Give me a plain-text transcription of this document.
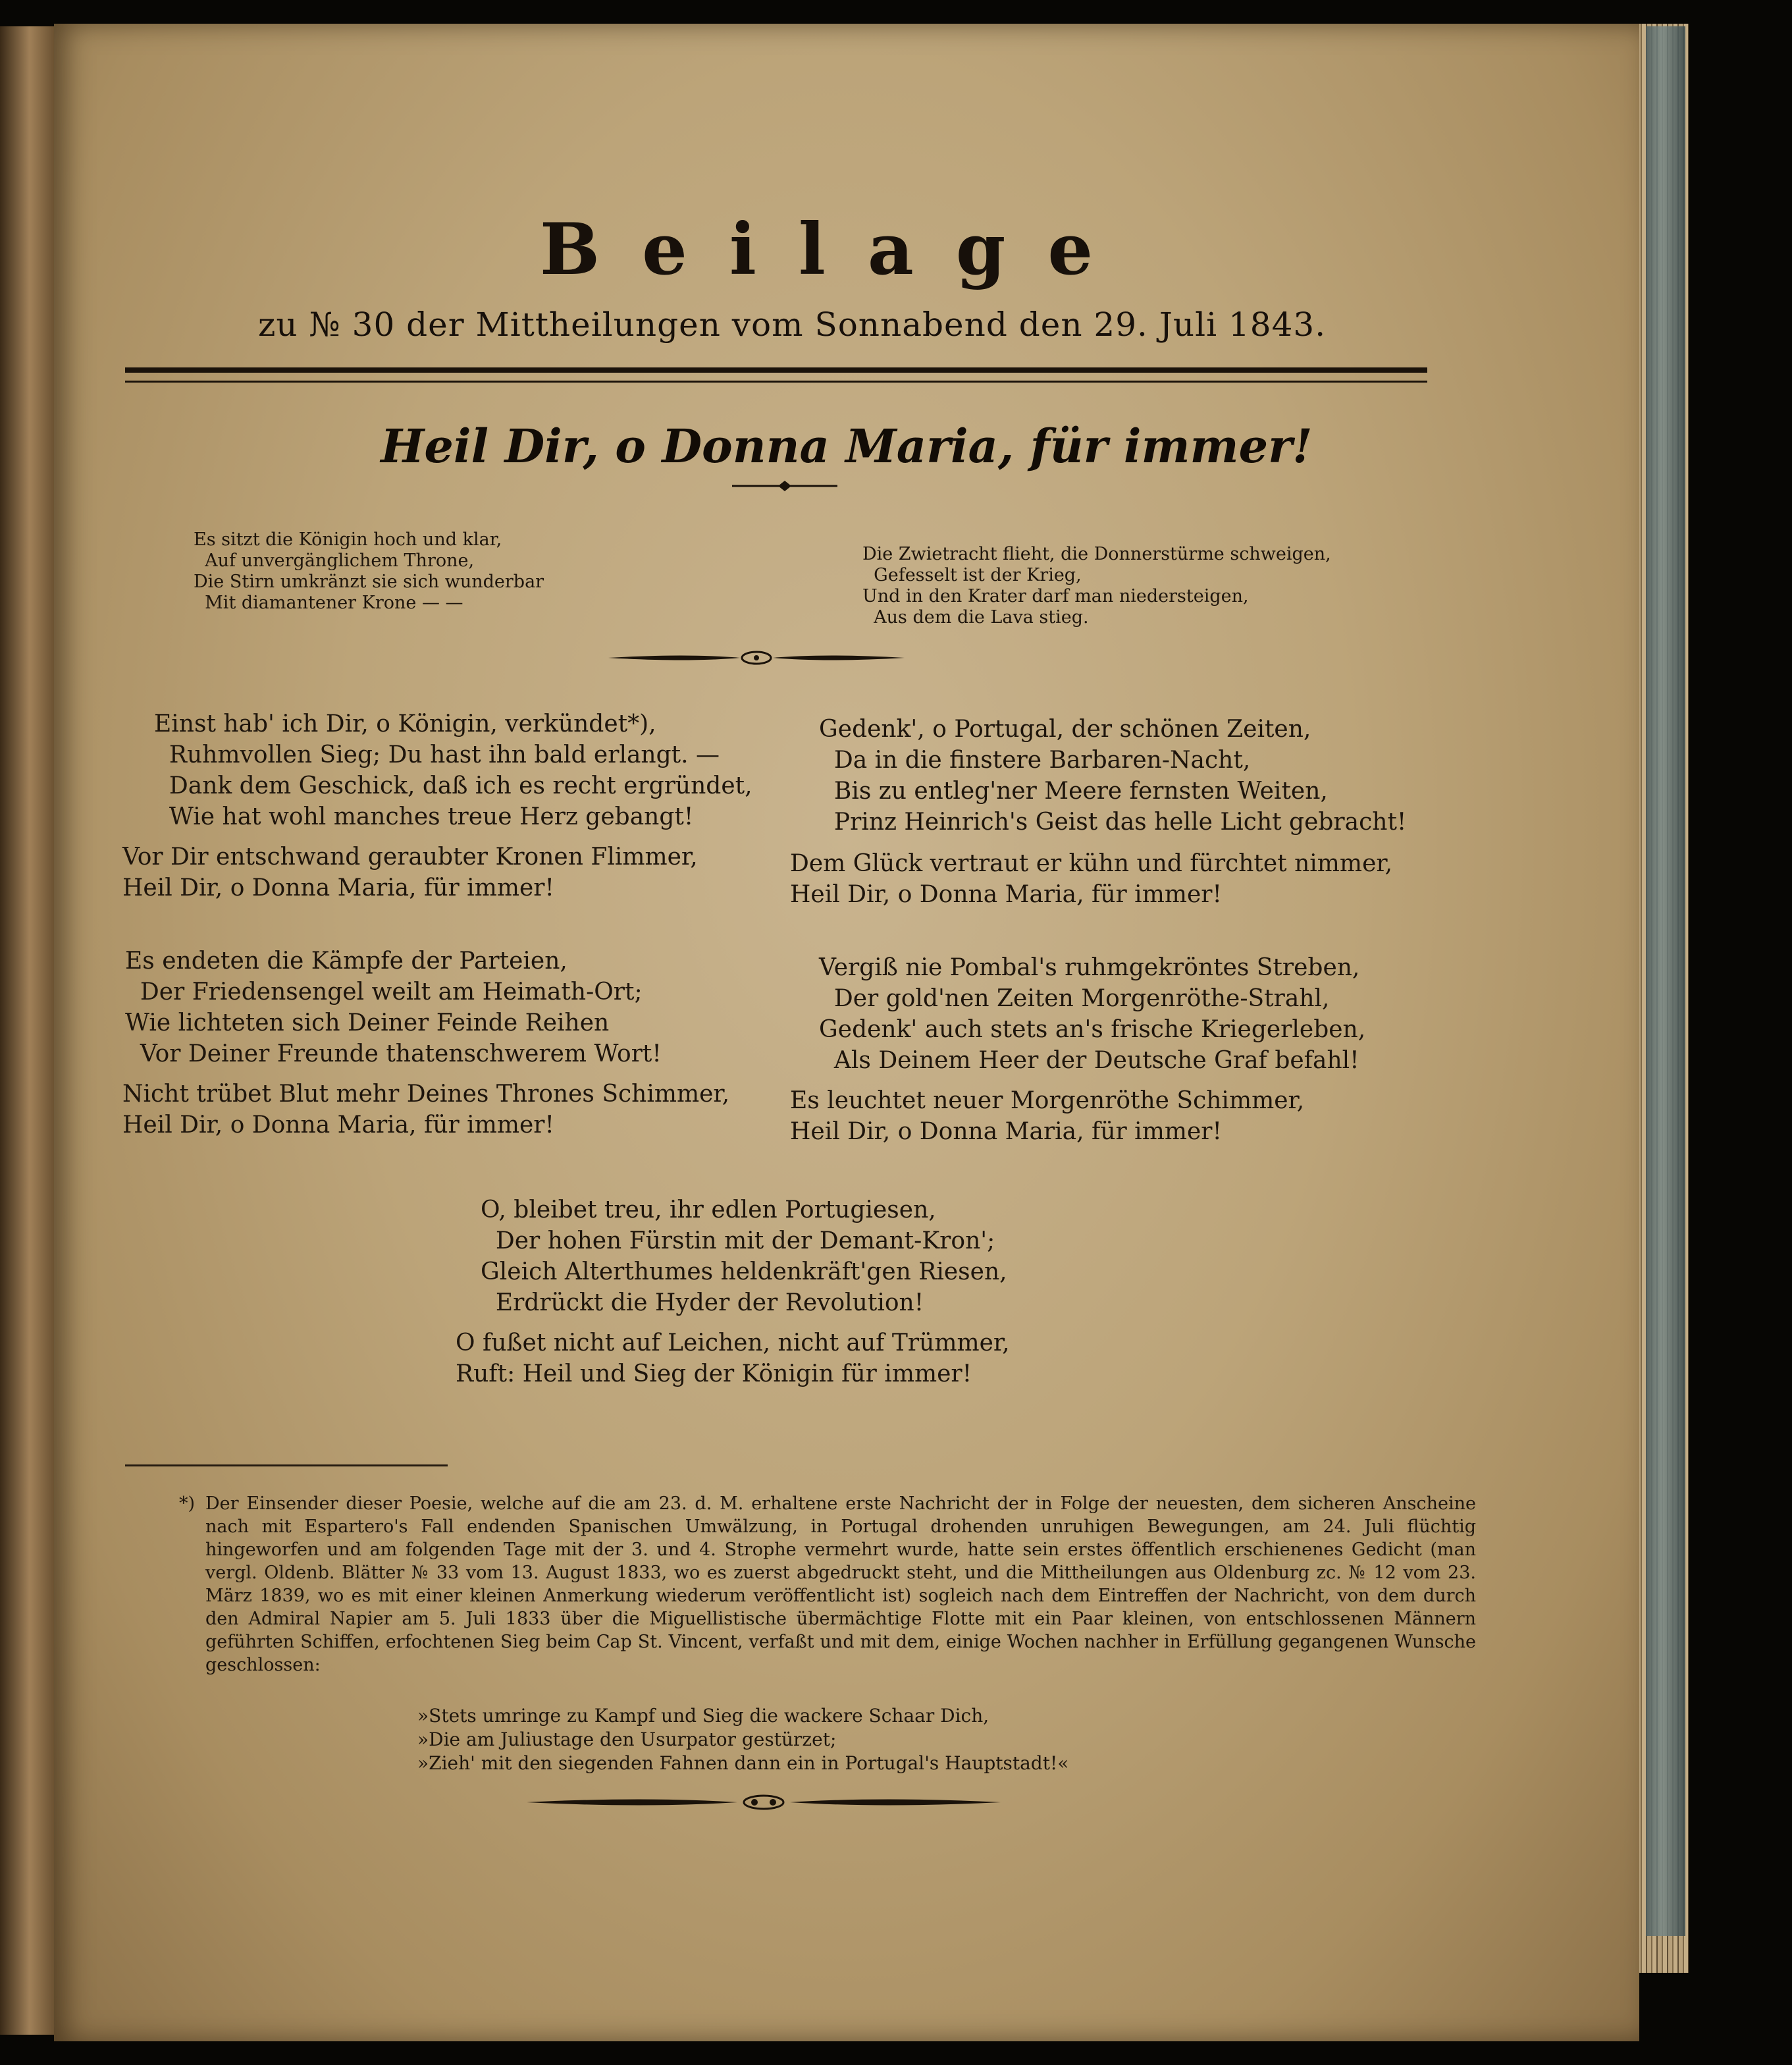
Beilage
zu № 30 der Mittheilungen vom Sonnabend den 29. Juli 1843.
Heil Dir, o Donna Maria, für immer!
Es sitzt die Königin hoch und klar,
Auf unvergänglichem Throne,
Die Stirn umkränzt sie sich wunderbar
Mit diamantener Krone — —
Die Zwietracht flieht, die Donnerstürme schweigen,
Gefesselt ist der Krieg,
Und in den Krater darf man niedersteigen,
Aus dem die Lava stieg.
Einst hab' ich Dir, o Königin, verkündet*),
Ruhmvollen Sieg; Du hast ihn bald erlangt. —
Dank dem Geschick, daß ich es recht ergründet,
Wie hat wohl manches treue Herz gebangt!
Vor Dir entschwand geraubter Kronen Flimmer,
Heil Dir, o Donna Maria, für immer!
Gedenk', o Portugal, der schönen Zeiten,
Da in die finstere Barbaren-Nacht,
Bis zu entleg'ner Meere fernsten Weiten,
Prinz Heinrich's Geist das helle Licht gebracht!
Dem Glück vertraut er kühn und fürchtet nimmer,
Heil Dir, o Donna Maria, für immer!
Es endeten die Kämpfe der Parteien,
Der Friedensengel weilt am Heimath-Ort;
Wie lichteten sich Deiner Feinde Reihen
Vor Deiner Freunde thatenschwerem Wort!
Nicht trübet Blut mehr Deines Thrones Schimmer,
Heil Dir, o Donna Maria, für immer!
Vergiß nie Pombal's ruhmgekröntes Streben,
Der gold'nen Zeiten Morgenröthe-Strahl,
Gedenk' auch stets an's frische Kriegerleben,
Als Deinem Heer der Deutsche Graf befahl!
Es leuchtet neuer Morgenröthe Schimmer,
Heil Dir, o Donna Maria, für immer!
O, bleibet treu, ihr edlen Portugiesen,
Der hohen Fürstin mit der Demant-Kron';
Gleich Alterthumes heldenkräft'gen Riesen,
Erdrückt die Hyder der Revolution!
O fußet nicht auf Leichen, nicht auf Trümmer,
Ruft: Heil und Sieg der Königin für immer!
*) Der Einsender dieser Poesie, welche auf die am 23. d. M. erhaltene erste Nachricht der in Folge der neuesten, dem sicheren Anscheine nach mit Espartero's Fall endenden Spanischen Umwälzung, in Portugal drohenden unruhigen Bewegungen, am 24. Juli flüchtig hingeworfen und am folgenden Tage mit der 3. und 4. Strophe vermehrt wurde, hatte sein erstes öffentlich erschienenes Gedicht (man vergl. Oldenb. Blätter № 33 vom 13. August 1833, wo es zuerst abgedruckt steht, und die Mittheilungen aus Oldenburg zc. № 12 vom 23. März 1839, wo es mit einer kleinen Anmerkung wiederum veröffentlicht ist) sogleich nach dem Eintreffen der Nachricht, von dem durch den Admiral Napier am 5. Juli 1833 über die Miguellistische übermächtige Flotte mit ein Paar kleinen, von entschlossenen Männern geführten Schiffen, erfochtenen Sieg beim Cap St. Vincent, verfaßt und mit dem, einige Wochen nachher in Erfüllung gegangenen Wunsche geschlossen:
»Stets umringe zu Kampf und Sieg die wackere Schaar Dich,
»Die am Juliustage den Usurpator gestürzet;
»Zieh' mit den siegenden Fahnen dann ein in Portugal's Hauptstadt!«
